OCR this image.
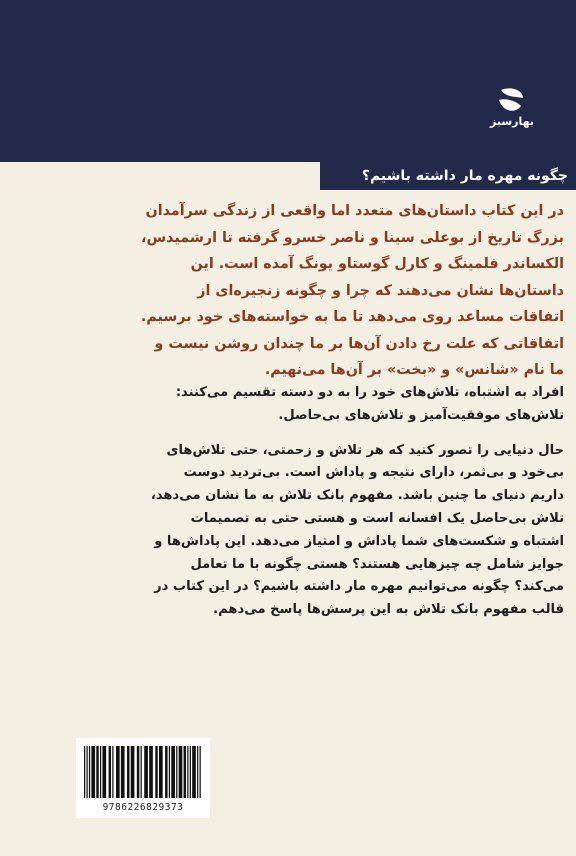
بهارسبز
چگونه مهره مار داشته باشیم؟
در این کتاب داستان‌های متعدد اما واقعی از زندگی سرآمدان
بزرگ تاریخ از بوعلی سینا و ناصر خسرو گرفته تا ارشمیدس،
الکساندر فلمینگ و کارل گوستاو یونگ آمده است. این
داستان‌ها نشان می‌دهند که چرا و چگونه زنجیره‌ای از
اتفاقات مساعد روی می‌دهد تا ما به خواسته‌های خود برسیم.
اتفاقاتی که علت رخ دادن آن‌ها بر ما چندان روشن نیست و
ما نام «شانس» و «بخت» بر آن‌ها می‌نهیم.
افراد به اشتباه، تلاش‌های خود را به دو دسته تقسیم می‌کنند:
تلاش‌های موفقیت‌آمیز و تلاش‌های بی‌حاصل.
حال دنیایی را تصور کنید که هر تلاش و زحمتی، حتی تلاش‌های
بی‌خود و بی‌ثمر، دارای نتیجه و پاداش است. بی‌تردید دوست
داریم دنیای ما چنین باشد. مفهوم بانک تلاش به ما نشان می‌دهد،
تلاش بی‌حاصل یک افسانه است و هستی حتی به تصمیمات
اشتباه و شکست‌های شما پاداش و امتیاز می‌دهد. این پاداش‌ها و
جوایز شامل چه چیزهایی هستند؟ هستی چگونه با ما تعامل
می‌کند؟ چگونه می‌توانیم مهره مار داشته باشیم؟ در این کتاب در
قالب مفهوم بانک تلاش به این پرسش‌ها پاسخ می‌دهم.
9786226829373
